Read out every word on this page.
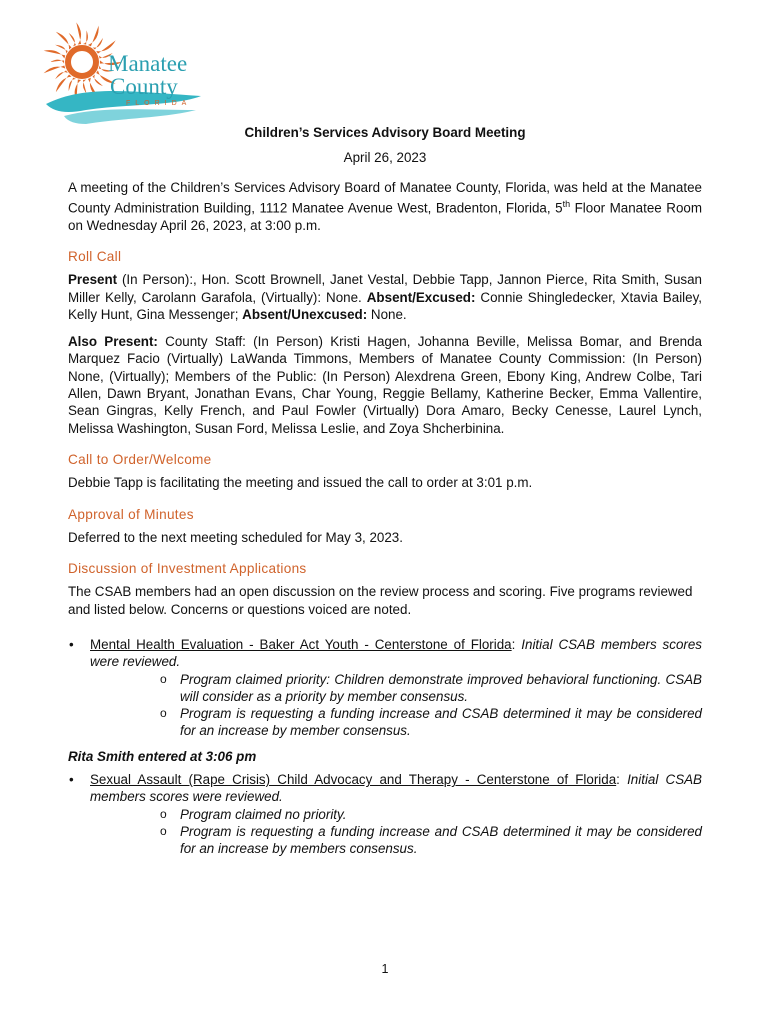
Manatee
County
FLORIDA

Children’s Services Advisory Board Meeting

April 26, 2023

A meeting of the Children’s Services Advisory Board of Manatee County, Florida, was held at the Manatee County Administration Building, 1112 Manatee Avenue West, Bradenton, Florida, 5th Floor Manatee Room on Wednesday April 26, 2023, at 3:00 p.m.

Roll Call

Present (In Person):, Hon. Scott Brownell, Janet Vestal, Debbie Tapp, Jannon Pierce, Rita Smith, Susan Miller Kelly, Carolann Garafola, (Virtually): None. Absent/Excused: Connie Shingledecker, Xtavia Bailey, Kelly Hunt, Gina Messenger; Absent/Unexcused: None.

Also Present: County Staff: (In Person) Kristi Hagen, Johanna Beville, Melissa Bomar, and Brenda Marquez Facio (Virtually) LaWanda Timmons, Members of Manatee County Commission: (In Person) None, (Virtually); Members of the Public: (In Person) Alexdrena Green, Ebony King, Andrew Colbe, Tari Allen, Dawn Bryant, Jonathan Evans, Char Young, Reggie Bellamy, Katherine Becker, Emma Vallentire, Sean Gingras, Kelly French, and Paul Fowler (Virtually) Dora Amaro, Becky Cenesse, Laurel Lynch, Melissa Washington, Susan Ford, Melissa Leslie, and Zoya Shcherbinina.

Call to Order/Welcome

Debbie Tapp is facilitating the meeting and issued the call to order at 3:01 p.m.

Approval of Minutes

Deferred to the next meeting scheduled for May 3, 2023.

Discussion of Investment Applications

The CSAB members had an open discussion on the review process and scoring. Five programs reviewed and listed below. Concerns or questions voiced are noted.

• Mental Health Evaluation - Baker Act Youth - Centerstone of Florida: Initial CSAB members scores were reviewed.
o Program claimed priority: Children demonstrate improved behavioral functioning. CSAB will consider as a priority by member consensus.
o Program is requesting a funding increase and CSAB determined it may be considered for an increase by member consensus.

Rita Smith entered at 3:06 pm

• Sexual Assault (Rape Crisis) Child Advocacy and Therapy - Centerstone of Florida: Initial CSAB members scores were reviewed.
o Program claimed no priority.
o Program is requesting a funding increase and CSAB determined it may be considered for an increase by members consensus.
1
